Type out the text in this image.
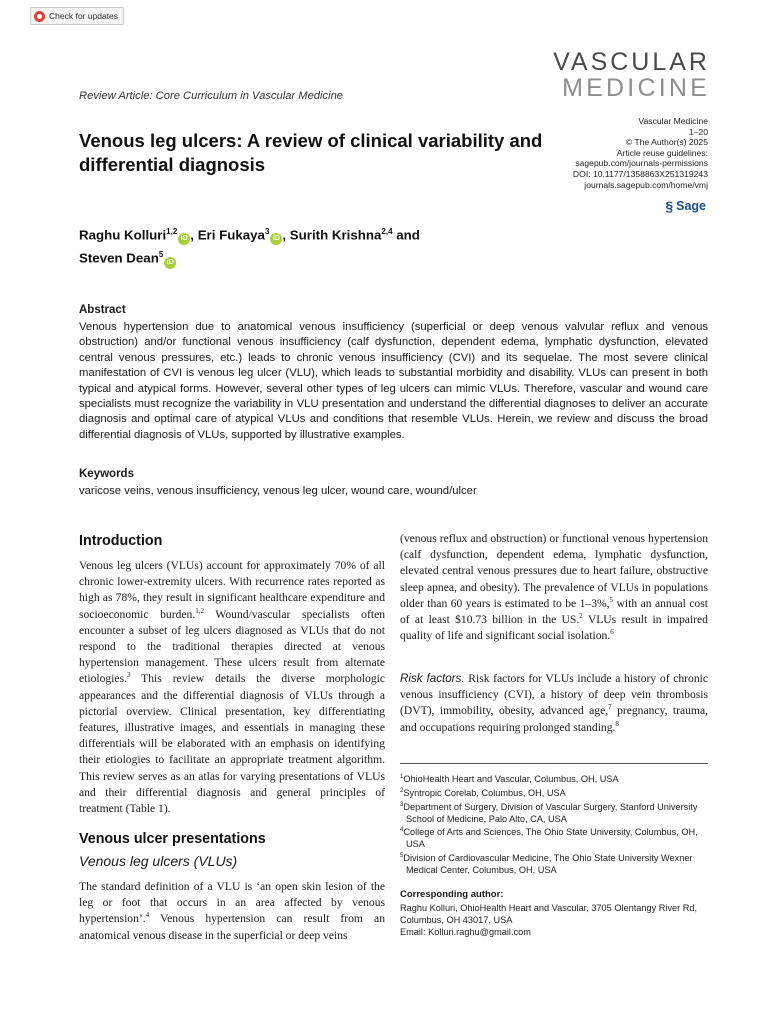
Check for updates
Review Article: Core Curriculum in Vascular Medicine
VASCULAR
MEDICINE
Venous leg ulcers: A review of clinical variability and differential diagnosis
Vascular Medicine
1–20
© The Author(s) 2025
Article reuse guidelines:
sagepub.com/journals-permissions
DOI: 10.1177/1358863X251319243
journals.sagepub.com/home/vmj
§ Sage
Raghu Kolluri$^{1,2}$iD , Eri Fukaya$^3$iD , Surith Krishna$^{2,4}$ and
Steven Dean$^5$iD
Abstract
Venous hypertension due to anatomical venous insufficiency (superficial or deep venous valvular reflux and venous obstruction) and/or functional venous insufficiency (calf dysfunction, dependent edema, lymphatic dysfunction, elevated central venous pressures, etc.) leads to chronic venous insufficiency (CVI) and its sequelae. The most severe clinical manifestation of CVI is venous leg ulcer (VLU), which leads to substantial morbidity and disability. VLUs can present in both typical and atypical forms. However, several other types of leg ulcers can mimic VLUs. Therefore, vascular and wound care specialists must recognize the variability in VLU presentation and understand the differential diagnoses to deliver an accurate diagnosis and optimal care of atypical VLUs and conditions that resemble VLUs. Herein, we review and discuss the broad differential diagnosis of VLUs, supported by illustrative examples.
Keywords
varicose veins, venous insufficiency, venous leg ulcer, wound care, wound/ulcer
Introduction
Venous leg ulcers (VLUs) account for approximately 70% of all chronic lower-extremity ulcers. With recurrence rates reported as high as 78%, they result in significant healthcare expenditure and socioeconomic burden.$^{1,2}$ Wound/vascular specialists often encounter a subset of leg ulcers diagnosed as VLUs that do not respond to the traditional therapies directed at venous hypertension management. These ulcers result from alternate etiologies.$^3$ This review details the diverse morphologic appearances and the differential diagnosis of VLUs through a pictorial overview. Clinical presentation, key differentiating features, illustrative images, and essentials in managing these differentials will be elaborated with an emphasis on identifying their etiologies to facilitate an appropriate treatment algorithm. This review serves as an atlas for varying presentations of VLUs and their differential diagnosis and general principles of treatment (Table 1).
Venous ulcer presentations
Venous leg ulcers (VLUs)
The standard definition of a VLU is ‘an open skin lesion of the leg or foot that occurs in an area affected by venous hypertension’.$^4$ Venous hypertension can result from an anatomical venous disease in the superficial or deep veins
(venous reflux and obstruction) or functional venous hypertension (calf dysfunction, dependent edema, lymphatic dysfunction, elevated central venous pressures due to heart failure, obstructive sleep apnea, and obesity). The prevalence of VLUs in populations older than 60 years is estimated to be 1–3%,$^5$ with an annual cost of at least $10.73 billion in the US.$^2$ VLUs result in impaired quality of life and significant social isolation.$^6$
Risk factors. Risk factors for VLUs include a history of chronic venous insufficiency (CVI), a history of deep vein thrombosis (DVT), immobility, obesity, advanced age,$^7$ pregnancy, trauma, and occupations requiring prolonged standing.$^8$
$^1$OhioHealth Heart and Vascular, Columbus, OH, USA
$^2$Syntropic Corelab, Columbus, OH, USA
$^3$Department of Surgery, Division of Vascular Surgery, Stanford University School of Medicine, Palo Alto, CA, USA
$^4$College of Arts and Sciences, The Ohio State University, Columbus, OH, USA
$^5$Division of Cardiovascular Medicine, The Ohio State University Wexner Medical Center, Columbus, OH, USA
Corresponding author:
Raghu Kolluri, OhioHealth Heart and Vascular, 3705 Olentangy River Rd, Columbus, OH 43017, USA
Email: Kolluri.raghu@gmail.com
